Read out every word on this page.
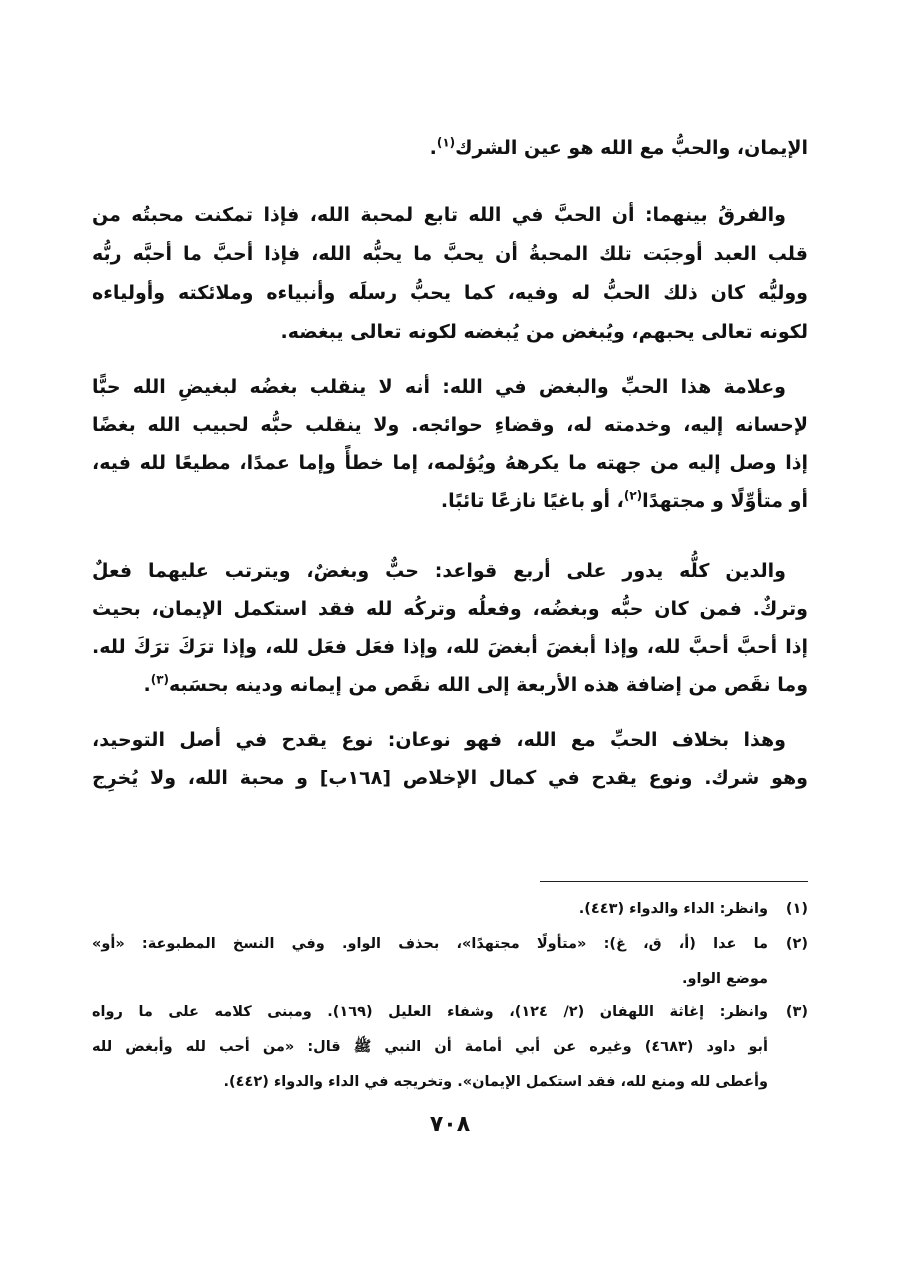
الإيمان، والحبُّ مع الله هو عين الشرك$^{(١)}$.
والفرقُ بينهما: أن الحبَّ في الله تابع لمحبة الله، فإذا تمكنت محبتُه من
قلب العبد أوجبَت تلك المحبةُ أن يحبَّ ما يحبُّه الله، فإذا أحبَّ ما أحبَّه ربُّه
ووليُّه كان ذلك الحبُّ له وفيه، كما يحبُّ رسلَه وأنبياءه وملائكته وأولياءه
لكونه تعالى يحبهم، ويُبغض من يُبغضه لكونه تعالى يبغضه.
وعلامة هذا الحبِّ والبغض في الله: أنه لا ينقلب بغضُه لبغيضِ الله حبًّا
لإحسانه إليه، وخدمته له، وقضاءِ حوائجه. ولا ينقلب حبُّه لحبيب الله بغضًا
إذا وصل إليه من جهته ما يكرههُ ويُؤلمه، إما خطأً وإما عمدًا، مطيعًا لله فيه،
أو متأوِّلًا و مجتهدًا$^{(٢)}$، أو باغيًا نازعًا تائبًا.
والدين كلُّه يدور على أربع قواعد: حبٌّ وبغضٌ، ويترتب عليهما فعلٌ
وتركٌ. فمن كان حبُّه وبغضُه، وفعلُه وتركُه لله فقد استكمل الإيمان، بحيث
إذا أحبَّ أحبَّ لله، وإذا أبغضَ أبغضَ لله، وإذا فعَل فعَل لله، وإذا ترَكَ ترَكَ لله.
وما نقَص من إضافة هذه الأربعة إلى الله نقَص من إيمانه ودينه بحسَبه$^{(٣)}$.
وهذا بخلاف الحبِّ مع الله، فهو نوعان: نوع يقدح في أصل التوحيد،
وهو شرك. ونوع يقدح في كمال الإخلاص [١٦٨ب] و محبة الله، ولا يُخرِج
(١)وانظر: الداء والدواء (٤٤٣).
(٢)ما عدا (أ، ق، غ): «متأولًا مجتهدًا»، بحذف الواو. وفي النسخ المطبوعة: «أو»
موضع الواو.
(٣)وانظر: إغاثة اللهفان (٢/ ١٢٤)، وشفاء العليل (١٦٩). ومبنى كلامه على ما رواه
أبو داود (٤٦٨٣) وغيره عن أبي أمامة أن النبي ﷺ قال: «من أحب لله وأبغض لله
وأعطى لله ومنع لله، فقد استكمل الإيمان». وتخريجه في الداء والدواء (٤٤٢).
٧٠٨
